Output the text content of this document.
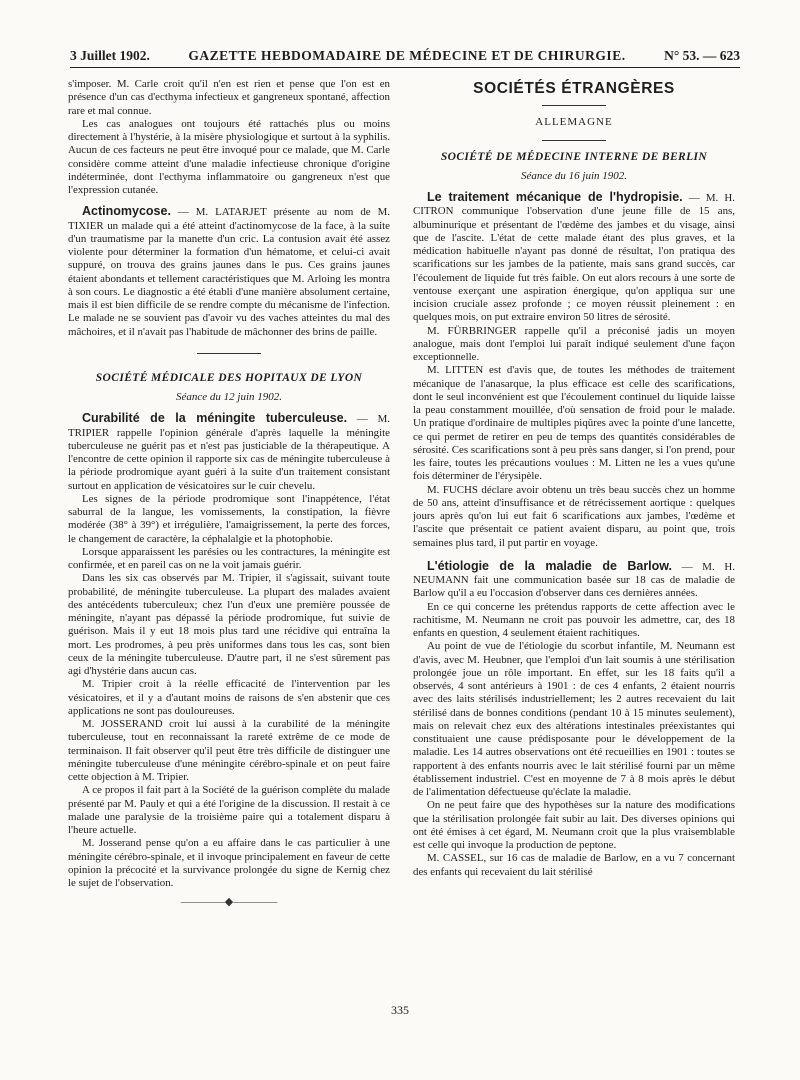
3 Juillet 1902.	GAZETTE HEBDOMADAIRE DE MÉDECINE ET DE CHIRURGIE.	N° 53. — 623

s'imposer. M. Carle croit qu'il n'en est rien et pense que l'on est en présence d'un cas d'ecthyma infectieux et gangreneux spontané, affection rare et mal connue.

Les cas analogues ont toujours été rattachés plus ou moins directement à l'hystérie, à la misère physiologique et surtout à la syphilis. Aucun de ces facteurs ne peut être invoqué pour ce malade, que M. Carle considère comme atteint d'une maladie infectieuse chronique d'origine indéterminée, dont l'ecthyma inflammatoire ou gangreneux n'est que l'expression cutanée.

Actinomycose. — M. LATARJET présente au nom de M. TIXIER un malade qui a été atteint d'actinomycose de la face, à la suite d'un traumatisme par la manette d'un cric. La contusion avait été assez violente pour déterminer la formation d'un hématome, et celui-ci avait suppuré, on trouva des grains jaunes dans le pus. Ces grains jaunes étaient abondants et tellement caractéristiques que M. Arloing les montra à son cours. Le diagnostic a été établi d'une manière absolument certaine, mais il est bien difficile de se rendre compte du mécanisme de l'infection. Le malade ne se souvient pas d'avoir vu des vaches atteintes du mal des mâchoires, et il n'avait pas l'habitude de mâchonner des brins de paille.

SOCIÉTÉ MÉDICALE DES HOPITAUX DE LYON
Séance du 12 juin 1902.

Curabilité de la méningite tuberculeuse. — M. TRIPIER rappelle l'opinion générale d'après laquelle la méningite tuberculeuse ne guérit pas et n'est pas justiciable de la thérapeutique. A l'encontre de cette opinion il rapporte six cas de méningite tuberculeuse à la période prodromique ayant guéri à la suite d'un traitement consistant surtout en application de vésicatoires sur le cuir chevelu.

Les signes de la période prodromique sont l'inappétence, l'état saburral de la langue, les vomissements, la constipation, la fièvre modérée (38° à 39°) et irrégulière, l'amaigrissement, la perte des forces, le changement de caractère, la céphalalgie et la photophobie.

Lorsque apparaissent les parésies ou les contractures, la méningite est confirmée, et en pareil cas on ne la voit jamais guérir.

Dans les six cas observés par M. Tripier, il s'agissait, suivant toute probabilité, de méningite tuberculeuse. La plupart des malades avaient des antécédents tuberculeux; chez l'un d'eux une première poussée de méningite, n'ayant pas dépassé la période prodromique, fut suivie de guérison. Mais il y eut 18 mois plus tard une récidive qui entraîna la mort. Les prodromes, à peu près uniformes dans tous les cas, sont bien ceux de la méningite tuberculeuse. D'autre part, il ne s'est sûrement pas agi d'hystérie dans aucun cas.

M. Tripier croit à la réelle efficacité de l'intervention par les vésicatoires, et il y a d'autant moins de raisons de s'en abstenir que ces applications ne sont pas douloureuses.

M. JOSSERAND croit lui aussi à la curabilité de la méningite tuberculeuse, tout en reconnaissant la rareté extrême de ce mode de terminaison. Il fait observer qu'il peut être très difficile de distinguer une méningite tuberculeuse d'une méningite cérébro-spinale et on peut faire cette objection à M. Tripier.

A ce propos il fait part à la Société de la guérison complète du malade présenté par M. Pauly et qui a été l'origine de la discussion. Il restait à ce malade une paralysie de la troisième paire qui a totalement disparu à l'heure actuelle.

M. Josserand pense qu'on a eu affaire dans le cas particulier à une méningite cérébro-spinale, et il invoque principalement en faveur de cette opinion la précocité et la survivance prolongée du signe de Kernig chez le sujet de l'observation.

————◆————
SOCIÉTÉS ÉTRANGÈRES
ALLEMAGNE
SOCIÉTÉ DE MÉDECINE INTERNE DE BERLIN
Séance du 16 juin 1902.

Le traitement mécanique de l'hydropisie. — M. H. CITRON communique l'observation d'une jeune fille de 15 ans, albuminurique et présentant de l'œdème des jambes et du visage, ainsi que de l'ascite. L'état de cette malade étant des plus graves, et la médication habituelle n'ayant pas donné de résultat, l'on pratiqua des scarifications sur les jambes de la patiente, mais sans grand succès, car l'écoulement de liquide fut très faible. On eut alors recours à une sorte de ventouse exerçant une aspiration énergique, qu'on appliqua sur une incision cruciale assez profonde ; ce moyen réussit pleinement : en quelques mois, on put extraire environ 50 litres de sérosité.

M. FÜRBRINGER rappelle qu'il a préconisé jadis un moyen analogue, mais dont l'emploi lui paraît indiqué seulement d'une façon exceptionnelle.

M. LITTEN est d'avis que, de toutes les méthodes de traitement mécanique de l'anasarque, la plus efficace est celle des scarifications, dont le seul inconvénient est que l'écoulement continuel du liquide laisse la peau constamment mouillée, d'où sensation de froid pour le malade. Un pratique d'ordinaire de multiples piqûres avec la pointe d'une lancette, ce qui permet de retirer en peu de temps des quantités considérables de sérosité. Ces scarifications sont à peu près sans danger, si l'on prend, pour les faire, toutes les précautions voulues : M. Litten ne les a vues qu'une fois déterminer de l'érysipèle.

M. FUCHS déclare avoir obtenu un très beau succès chez un homme de 50 ans, atteint d'insuffisance et de rétrécissement aortique : quelques jours après qu'on lui eut fait 6 scarifications aux jambes, l'œdème et l'ascite que présentait ce patient avaient disparu, au point que, trois semaines plus tard, il put partir en voyage.

L'étiologie de la maladie de Barlow. — M. H. NEUMANN fait une communication basée sur 18 cas de maladie de Barlow qu'il a eu l'occasion d'observer dans ces dernières années.

En ce qui concerne les prétendus rapports de cette affection avec le rachitisme, M. Neumann ne croit pas pouvoir les admettre, car, des 18 enfants en question, 4 seulement étaient rachitiques.

Au point de vue de l'étiologie du scorbut infantile, M. Neumann est d'avis, avec M. Heubner, que l'emploi d'un lait soumis à une stérilisation prolongée joue un rôle important. En effet, sur les 18 faits qu'il a observés, 4 sont antérieurs à 1901 : de ces 4 enfants, 2 étaient nourris avec des laits stérilisés industriellement; les 2 autres recevaient du lait stérilisé dans de bonnes conditions (pendant 10 à 15 minutes seulement), mais on relevait chez eux des altérations intestinales préexistantes qui constituaient une cause prédisposante pour le développement de la maladie. Les 14 autres observations ont été recueillies en 1901 : toutes se rapportent à des enfants nourris avec le lait stérilisé fourni par un même établissement industriel. C'est en moyenne de 7 à 8 mois après le début de l'alimentation défectueuse qu'éclate la maladie.

On ne peut faire que des hypothèses sur la nature des modifications que la stérilisation prolongée fait subir au lait. Des diverses opinions qui ont été émises à cet égard, M. Neumann croit que la plus vraisemblable est celle qui invoque la production de peptone.

M. CASSEL, sur 16 cas de maladie de Barlow, en a vu 7 concernant des enfants qui recevaient du lait stérilisé

335
